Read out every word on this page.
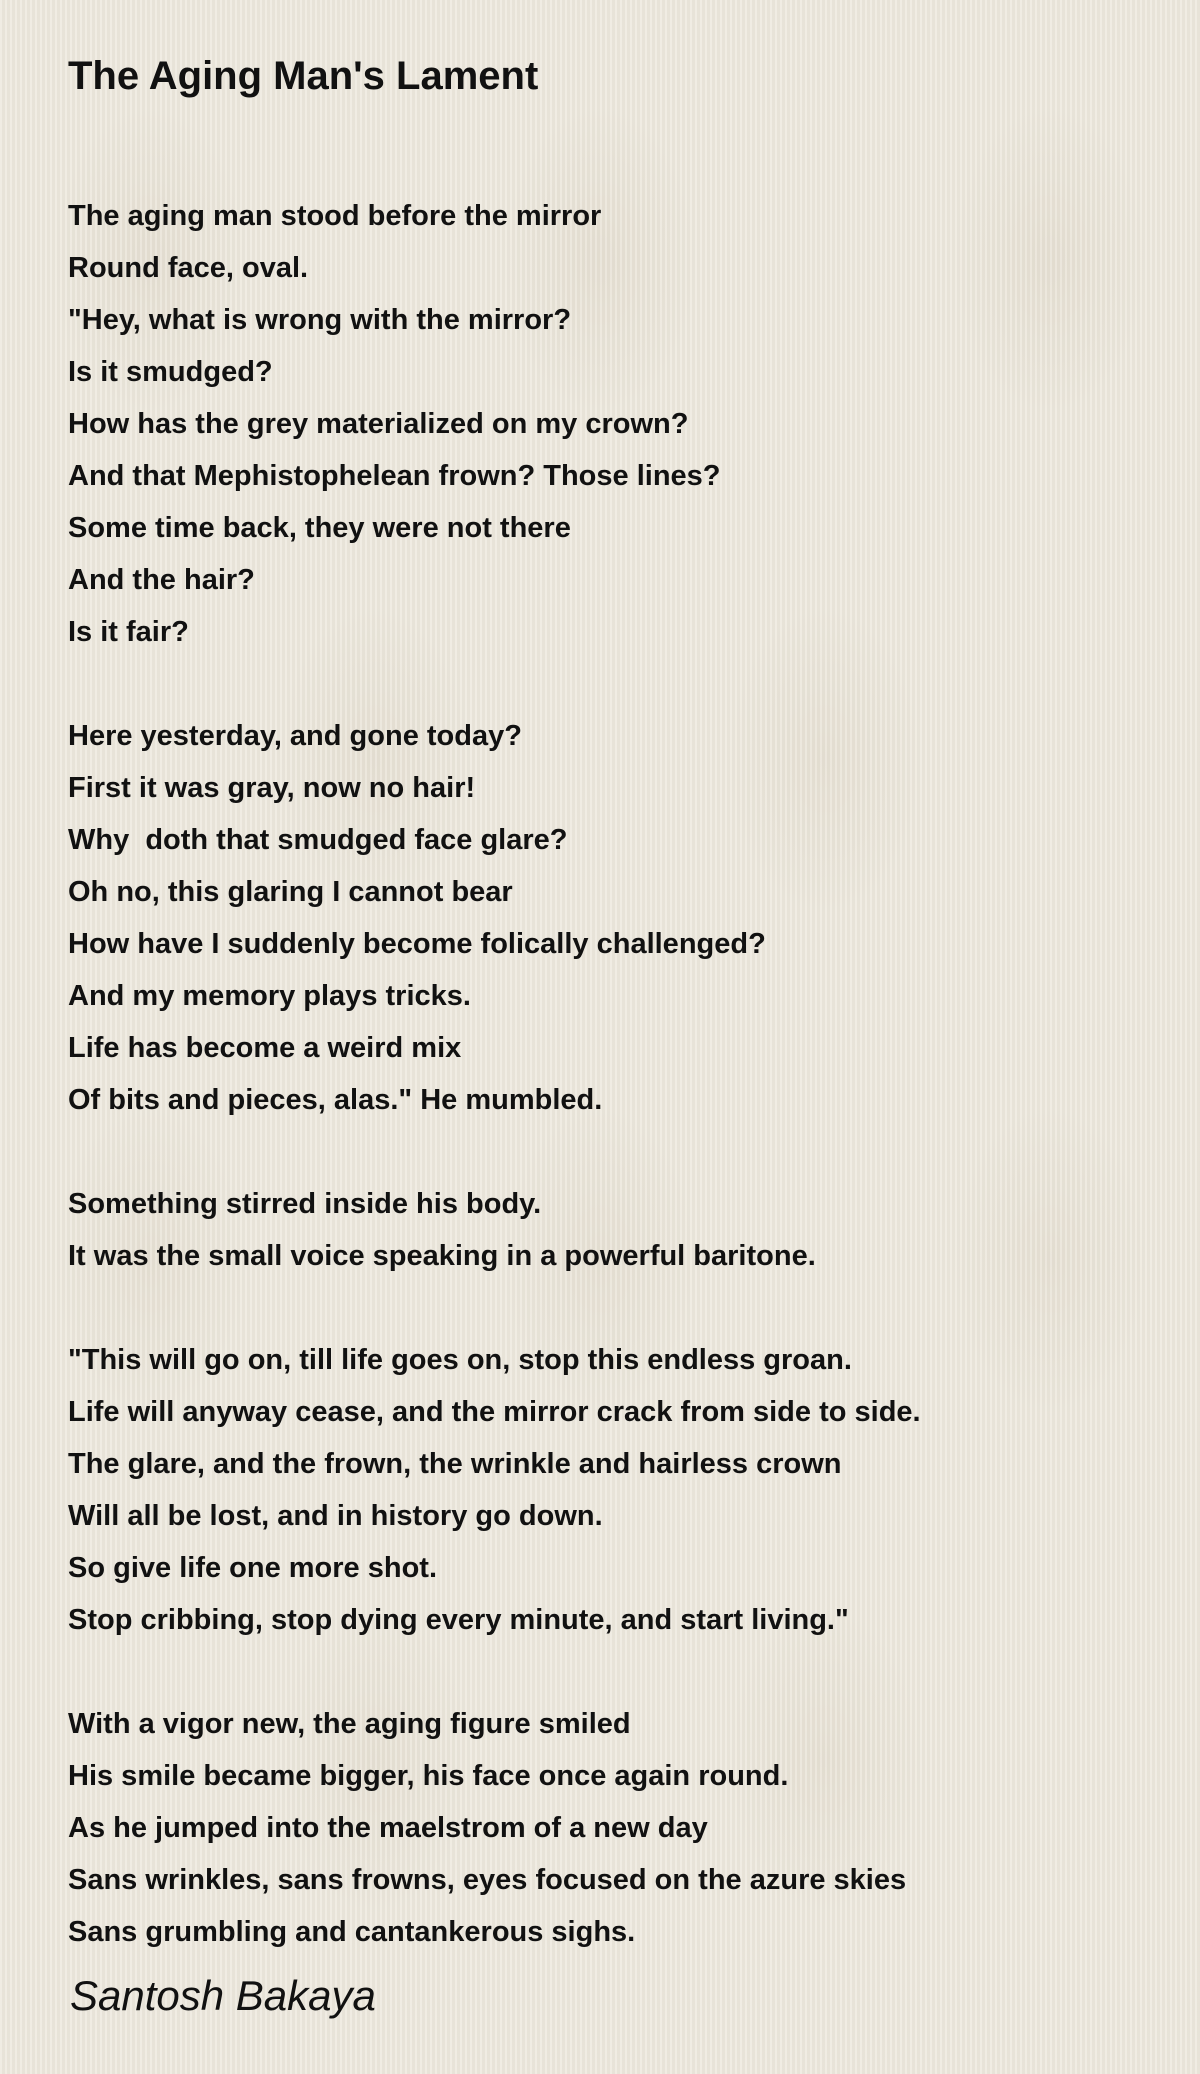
The Aging Man's Lament
The aging man stood before the mirror
Round face, oval.
"Hey, what is wrong with the mirror?
Is it smudged?
How has the grey materialized on my crown?
And that Mephistophelean frown? Those lines?
Some time back, they were not there
And the hair?
Is it fair?
Here yesterday, and gone today?
First it was gray, now no hair!
Why  doth that smudged face glare?
Oh no, this glaring I cannot bear
How have I suddenly become folically challenged?
And my memory plays tricks.
Life has become a weird mix
Of bits and pieces, alas." He mumbled.
Something stirred inside his body.
It was the small voice speaking in a powerful baritone.
"This will go on, till life goes on, stop this endless groan.
Life will anyway cease, and the mirror crack from side to side.
The glare, and the frown, the wrinkle and hairless crown
Will all be lost, and in history go down.
So give life one more shot.
Stop cribbing, stop dying every minute, and start living."
With a vigor new, the aging figure smiled
His smile became bigger, his face once again round.
As he jumped into the maelstrom of a new day
Sans wrinkles, sans frowns, eyes focused on the azure skies
Sans grumbling and cantankerous sighs.
Santosh Bakaya
